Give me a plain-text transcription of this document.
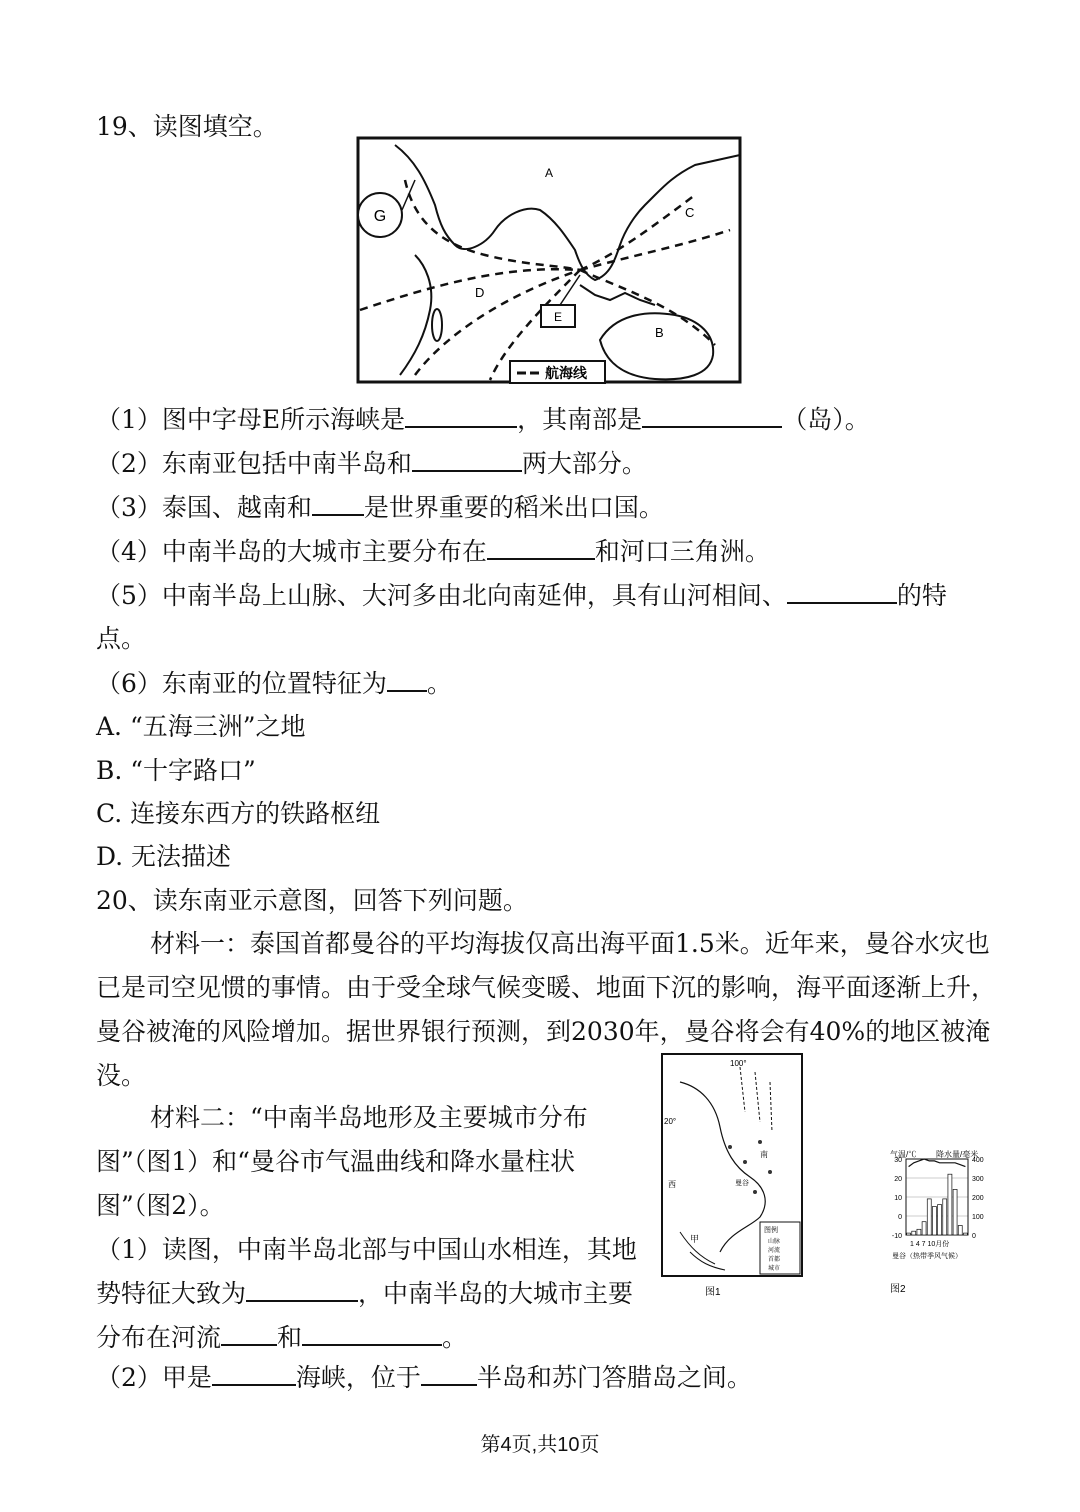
19、读图填空。
G
A
C
D
B
E
航海线
（1）图中字母E所示海峡是	，其南部是	（岛）。
（2）东南亚包括中南半岛和	两大部分。
（3）泰国、越南和 是世界重要的稻米出口国。
（4）中南半岛的大城市主要分布在	和河口三角洲。
（5）中南半岛上山脉、大河多由北向南延伸，具有山河相间、	的特
点。
（6）东南亚的位置特征为 。
A. “五海三洲”之地
B. “十字路口”
C. 连接东西方的铁路枢纽
D. 无法描述
20、读东南亚示意图，回答下列问题。
材料一：泰国首都曼谷的平均海拔仅高出海平面1.5米。近年来，曼谷水灾也已是司空见惯的事情。由于受全球气候变暖、地面下沉的影响，海平面逐渐上升，曼谷被淹的风险增加。据世界银行预测，到2030年，曼谷将会有40%的地区被淹没。
材料二：“中南半岛地形及主要城市分布图”（图1）和“曼谷市气温曲线和降水量柱状图”（图2）。
（1）读图，中南半岛北部与中国山水相连，其地势特征大致为	，中南半岛的大城市主要分布在河流 和	。
（2）甲是	海峡，位于 半岛和苏门答腊岛之间。
100°
20°
甲
南
曼谷
西
图例
山脉
河流
首都
城市
图1
气温/℃ 降水量/毫米
30
20
10
0
-10
400
300
200
100
0
1 4 7 10月份
曼谷（热带季风气候）
图2
第4页,共10页
